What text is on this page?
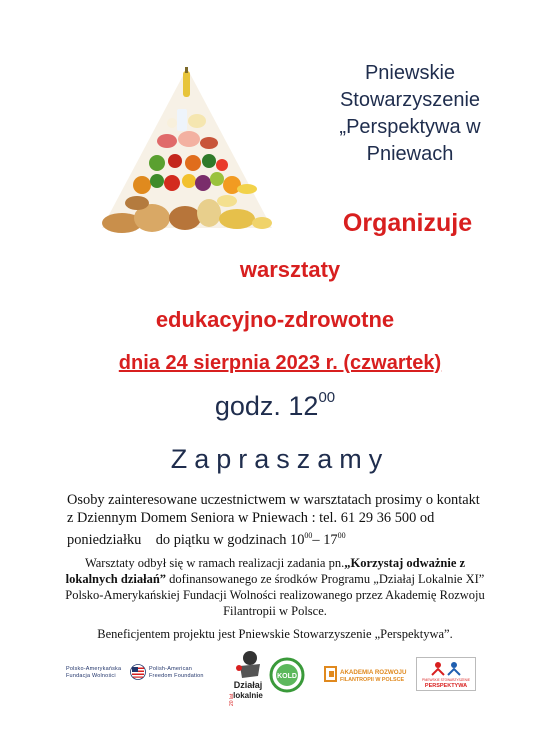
Pniewskie
Stowarzyszenie
„Perspektywa w
Pniewach
Organizuje
warsztaty
edukacyjno-zdrowotne
dnia 24 sierpnia 2023 r. (czwartek)
godz. $12^{00}$
Zapraszamy
Osoby zainteresowane uczestnictwem w warsztatach prosimy o kontakt z Dziennym Domem Seniora w Pniewach : tel. 61 29 36 500 od poniedziałku do piątku w godzinach $10^{00}-$ $17^{00}$
Warsztaty odbył się w ramach realizacji zadania pn.„Korzystaj odważnie z lokalnych działań” dofinansowanego ze środków Programu „Działaj Lokalnie XI” Polsko-Amerykańskiej Fundacji Wolności realizowanego przez Akademię Rozwoju Filantropii w Polsce.
Beneficjentem projektu jest Pniewskie Stowarzyszenie „Perspektywa”.
Polsko-Amerykańska
Fundacja Wolności
Polish-American
Freedom Foundation
Działaj
lokalnie
20 lat
KOLD
AKADEMIA ROZWOJU
FILANTROPII W POLSCE	PNIEWSKIE STOWARZYSZENIE
PERSPEKTYWA
